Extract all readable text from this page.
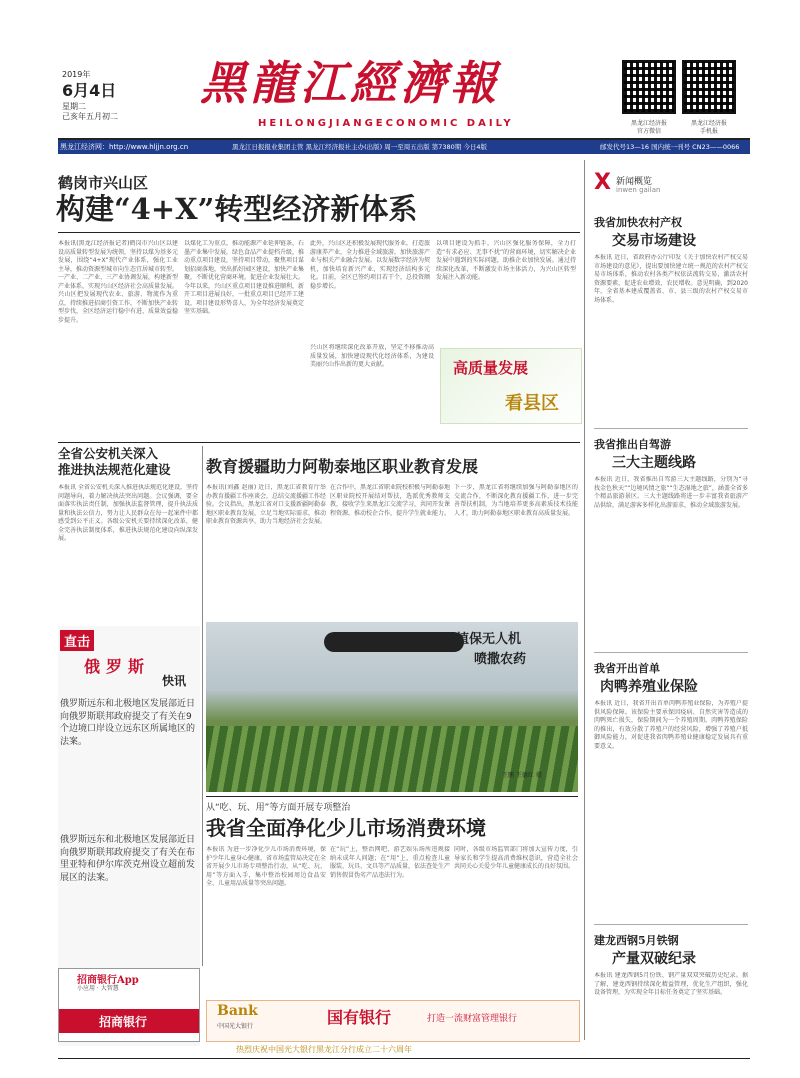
2019年
6月4日
星期二
己亥年五月初二
黑龍江經濟報
HEILONGJIANGECONOMIC DAILY	黑龙江经济报
官方微信
黑龙江经济报
手机报
黑龙江经济网：http://www.hljjn.org.cn	黑龙江日报报业集团主管 黑龙江经济报社主办(出版) 周一至周五出版 第7380期 今日4版	邮发代号13—16 国内统一刊号 CN23——0066
鹤岗市兴山区
构建“4+X”转型经济新体系
本报讯(黑龙江经济报记者)鹤岗市兴山区以建设高质量转型发展为统领，坚持以煤为基多元发展，围绕“4+X”现代产业体系，强化工业主导，推动资源型城市向生态宜居城市转型。一产业、二产业、三产业协调发展，构建新型产业体系，实现兴山区经济社会高质量发展。兴山区把发展现代农业、旅游、物流作为重点，持续推进招商引资工作，不断加快产业转型步伐，全区经济运行稳中有进、质量效益稳步提升。
以煤化工为重点，推动能源产业延伸链条，石墨产业集中发展，绿色食品产业提档升级，推动重点项目建设，坚持项目带动，聚焦项目谋划招商落地，突出抓好园区建设，加快产业集聚，不断优化营商环境，促进企业发展壮大。今年以来，兴山区重点项目建设推进顺利，新开工项目进展良好，一批重点项目已经开工建设，项目建设形势喜人，为全年经济发展奠定坚实基础。
此外，兴山区还积极发展现代服务业，打造旅游康养产业，全力推进全域旅游，加快旅游产业与相关产业融合发展。以发展数字经济为契机，加快培育新兴产业，实现经济结构多元化。目前，全区已签约项目若干个，总投资额稳步增长。
以项目建设为抓手，兴山区强化服务保障，全力打造“有求必应、无事不扰”的营商环境，切实解决企业发展中遇到的实际问题，助推企业加快发展。通过持续深化改革，不断激发市场主体活力，为兴山区转型发展注入新动能。
高质量发展
看县区
兴山区将继续深化改革开放，坚定不移推动高质量发展，加快建设现代化经济体系，为建设美丽兴山作出新的更大贡献。
全省公安机关深入
推进执法规范化建设
本报讯 全省公安机关深入推进执法规范化建设，坚持问题导向，着力解决执法突出问题。会议强调，要全面落实执法责任制，加强执法监督管理，提升执法质量和执法公信力，努力让人民群众在每一起案件中都感受到公平正义。各级公安机关要持续深化改革，健全完善执法制度体系，推进执法规范化建设向纵深发展。
直击
俄罗斯
快讯
俄罗斯远东和北极地区发展部近日向俄罗斯联邦政府提交了有关在9个边境口岸设立远东区所属地区的法案。
俄罗斯远东和北极地区发展部近日向俄罗斯联邦政府提交了有关在布里亚特和伊尔库茨克州设立超前发展区的法案。
教育援疆助力阿勒泰地区职业教育发展
本报讯(刘鑫 赵丽) 近日，黑龙江省教育厅举办教育援疆工作座谈会，总结交流援疆工作经验。会议指出，黑龙江省对口支援新疆阿勒泰地区职业教育发展，立足当地实际需求，推动职业教育资源共享，助力当地经济社会发展。
在合作中，黑龙江省职业院校积极与阿勒泰地区职业院校开展结对帮扶，选派优秀教师支教，接收学生来黑龙江交流学习，共同开发课程资源，推动校企合作，提升学生就业能力。
下一步，黑龙江省将继续加强与阿勒泰地区的交流合作，不断深化教育援疆工作，进一步完善帮扶机制，为当地培养更多高素质技术技能人才，助力阿勒泰地区职业教育高质量发展。
植保无人机
喷撒农药
王鹏 王德红 摄
从“吃、玩、用”等方面开展专项整治
我省全面净化少儿市场消费环境
本报讯 为进一步净化少儿市场消费环境，保护少年儿童身心健康，省市场监管局决定在全省开展少儿市场专项整治行动，从“吃、玩、用”等方面入手，集中整治校园周边食品安全、儿童用品质量等突出问题。
在“玩”上，整治网吧、游艺娱乐场所违规接纳未成年人问题；在“用”上，重点检查儿童服装、玩具、文具等产品质量，依法查处生产销售假冒伪劣产品违法行为。
同时，各级市场监管部门将加大宣传力度，引导家长和学生提高消费维权意识，营造全社会共同关心关爱少年儿童健康成长的良好氛围。
X 新闻概览
inwen gailan
我省加快农村产权
交易市场建设
本报讯 近日，省政府办公厅印发《关于加快农村产权交易市场建设的意见》，提出要加快建立统一规范的农村产权交易市场体系，推动农村各类产权依法流转交易，激活农村资源要素，促进农业增效、农民增收。意见明确，到2020年，全省基本建成覆盖省、市、县三级的农村产权交易市场体系。
我省推出自驾游
三大主题线路
本报讯 近日，我省推出自驾游三大主题线路，分别为“寻找金色秋天”“边境风情之旅”“生态湿地之旅”，涵盖全省多个精品旅游景区。三大主题线路将进一步丰富我省旅游产品供给，满足游客多样化出游需求，推动全域旅游发展。
我省开出首单
肉鸭养殖业保险
本报讯 近日，我省开出首单肉鸭养殖业保险，为养殖户提供风险保障。该保险主要承保因疫病、自然灾害等造成的肉鸭死亡损失，保险期间为一个养殖周期。肉鸭养殖保险的推出，有效分散了养殖户的经营风险，增强了养殖户抵御风险能力，对促进我省肉鸭养殖业健康稳定发展具有重要意义。
建龙西钢5月铁钢
产量双破纪录
本报讯 建龙西钢5月份铁、钢产量双双突破历史纪录。据了解，建龙西钢持续深化精益管理，优化生产组织，强化设备管理，为实现全年目标任务奠定了坚实基础。
招商银行App
小应用 · 大智慧
招商银行
Bank
中国光大银行	国有银行	打造一流财富管理银行
热烈庆祝中国光大银行黑龙江分行成立二十六周年
